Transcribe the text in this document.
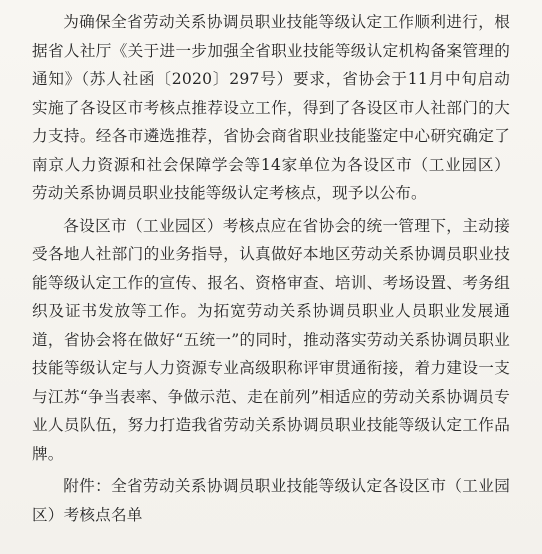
为确保全省劳动关系协调员职业技能等级认定工作顺利进行，根据省人社厅《关于进一步加强全省职业技能等级认定机构备案管理的通知》（苏人社函〔2020〕297号）要求，省协会于11月中旬启动实施了各设区市考核点推荐设立工作，得到了各设区市人社部门的大力支持。经各市遴选推荐，省协会商省职业技能鉴定中心研究确定了南京人力资源和社会保障学会等14家单位为各设区市（工业园区）劳动关系协调员职业技能等级认定考核点，现予以公布。

各设区市（工业园区）考核点应在省协会的统一管理下，主动接受各地人社部门的业务指导，认真做好本地区劳动关系协调员职业技能等级认定工作的宣传、报名、资格审查、培训、考场设置、考务组织及证书发放等工作。为拓宽劳动关系协调员职业人员职业发展通道，省协会将在做好“五统一”的同时，推动落实劳动关系协调员职业技能等级认定与人力资源专业高级职称评审贯通衔接，着力建设一支与江苏“争当表率、争做示范、走在前列”相适应的劳动关系协调员专业人员队伍，努力打造我省劳动关系协调员职业技能等级认定工作品牌。

附件：全省劳动关系协调员职业技能等级认定各设区市（工业园区）考核点名单
